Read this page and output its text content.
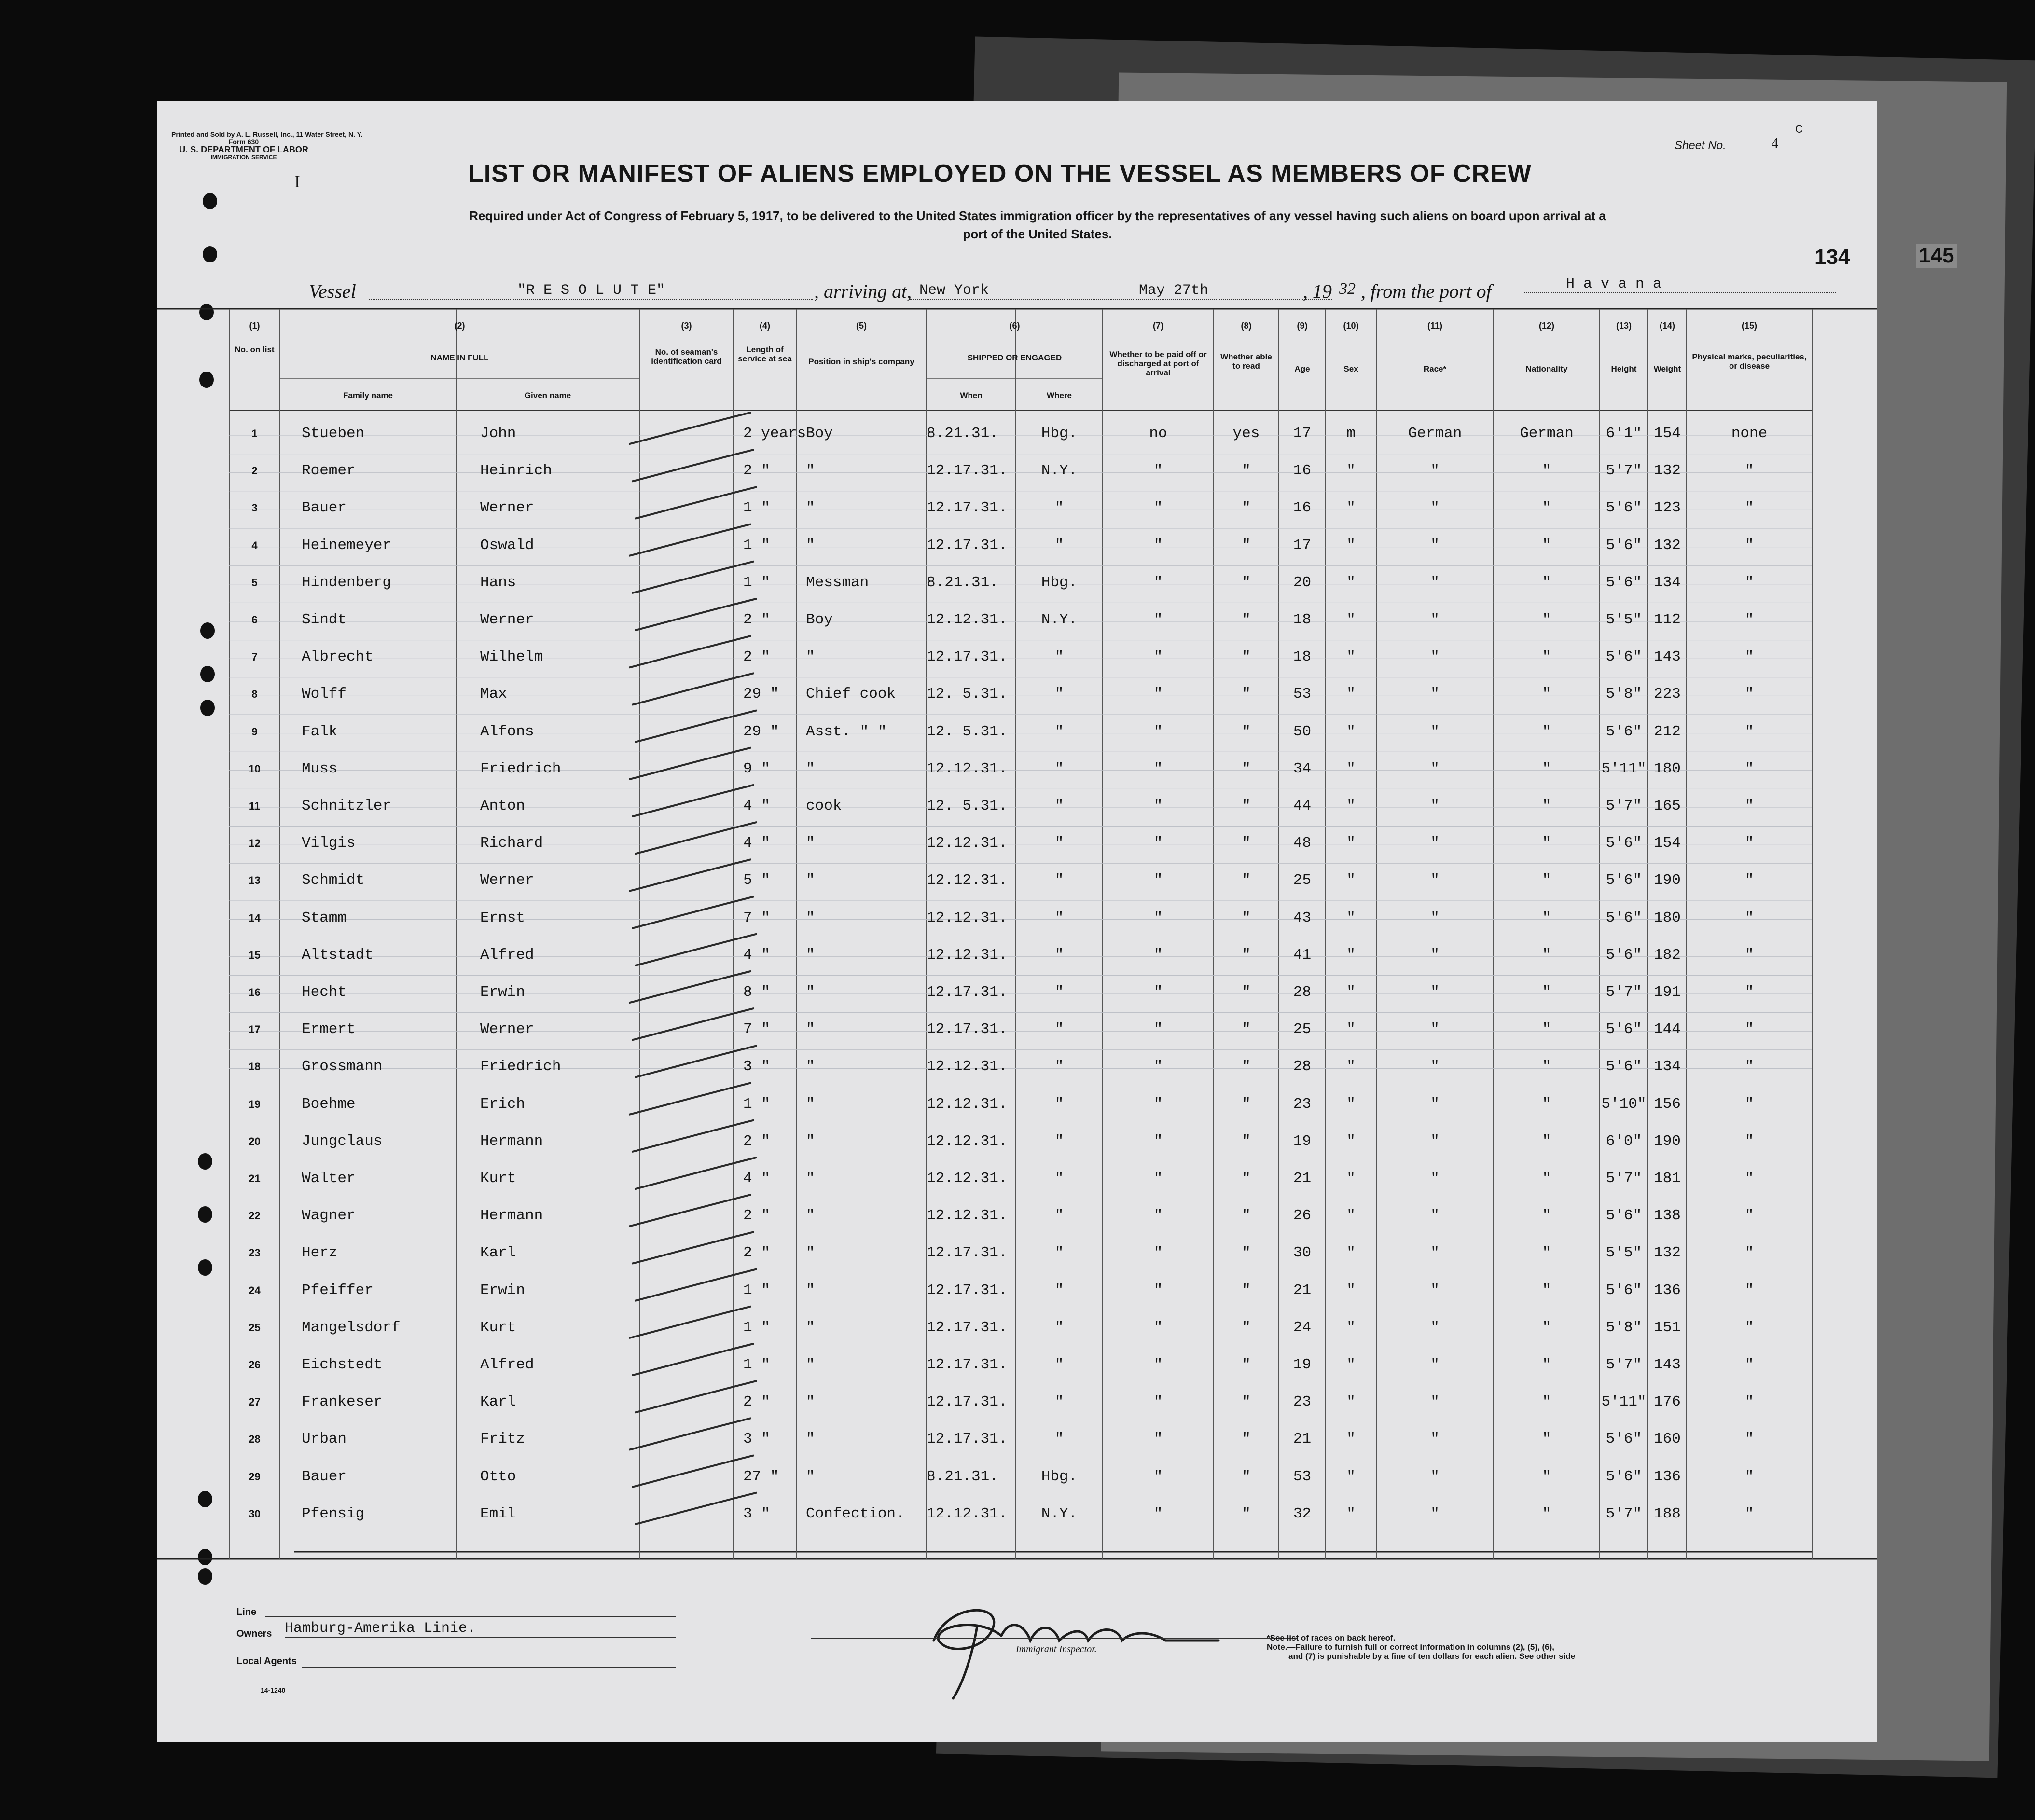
145
Printed and Sold by A. L. Russell, Inc., 11 Water Street, N. Y.
Form 630
U. S. DEPARTMENT OF LABOR
IMMIGRATION SERVICE
I
Sheet No.	4
C
LIST OR MANIFEST OF ALIENS EMPLOYED ON THE VESSEL AS MEMBERS OF CREW
Required under Act of Congress of February 5, 1917, to be delivered to the United States immigration officer by the representatives of any vessel having such aliens on board upon arrival at a
port of the United States.
134
Vessel	"R E S O L U T E"	, arriving at, New York	May 27th	, 19 32 , from the port of	H a v a n a
(1)
No. on list
(2)
NAME IN FULL
Family name	Given name
(3)
No. of seaman's identification card
(4)
Length of service at sea
(5)
Position in ship's company
(6)
SHIPPED OR ENGAGED
When	Where
(7)
Whether to be paid off or discharged at port of arrival
(8)
Whether able to read
(9)
Age
(10)
Sex
(11)
Race*
(12)
Nationality
(13)
Height
(14)
Weight
(15)
Physical marks, peculiarities, or disease
1	Stueben	John	2 years Boy	8.21.31.	Hbg.	no	yes	17	m	German	German	6'1" 154	none
2	Roemer	Heinrich	2 "	"	12.17.31.	N.Y.	"	"	16	"	"	"	5'7" 132	"
3	Bauer	Werner	1 "	"	12.17.31.	"	"	"	16	"	"	"	5'6" 123	"
4	Heinemeyer	Oswald	1 "	"	12.17.31.	"	"	"	17	"	"	"	5'6" 132	"
5	Hindenberg	Hans	1 "	Messman	8.21.31.	Hbg.	"	"	20	"	"	"	5'6" 134	"
6	Sindt	Werner	2 "	Boy	12.12.31.	N.Y.	"	"	18	"	"	"	5'5" 112	"
7	Albrecht	Wilhelm	2 "	"	12.17.31.	"	"	"	18	"	"	"	5'6" 143	"
8	Wolff	Max	29 "	Chief cook	12. 5.31.	"	"	"	53	"	"	"	5'8" 223	"
9	Falk	Alfons	29 "	Asst. " "	12. 5.31.	"	"	"	50	"	"	"	5'6" 212	"
10	Muss	Friedrich	9 "	"	12.12.31.	"	"	"	34	"	"	"	5'11" 180	"
11	Schnitzler	Anton	4 "	cook	12. 5.31.	"	"	"	44	"	"	"	5'7" 165	"
12	Vilgis	Richard	4 "	"	12.12.31.	"	"	"	48	"	"	"	5'6" 154	"
13	Schmidt	Werner	5 "	"	12.12.31.	"	"	"	25	"	"	"	5'6" 190	"
14	Stamm	Ernst	7 "	"	12.12.31.	"	"	"	43	"	"	"	5'6" 180	"
15	Altstadt	Alfred	4 "	"	12.12.31.	"	"	"	41	"	"	"	5'6" 182	"
16	Hecht	Erwin	8 "	"	12.17.31.	"	"	"	28	"	"	"	5'7" 191	"
17	Ermert	Werner	7 "	"	12.17.31.	"	"	"	25	"	"	"	5'6" 144	"
18	Grossmann	Friedrich	3 "	"	12.12.31.	"	"	"	28	"	"	"	5'6" 134	"
19	Boehme	Erich	1 "	"	12.12.31.	"	"	"	23	"	"	"	5'10" 156	"
20	Jungclaus	Hermann	2 "	"	12.12.31.	"	"	"	19	"	"	"	6'0" 190	"
21	Walter	Kurt	4 "	"	12.12.31.	"	"	"	21	"	"	"	5'7" 181	"
22	Wagner	Hermann	2 "	"	12.12.31.	"	"	"	26	"	"	"	5'6" 138	"
23	Herz	Karl	2 "	"	12.17.31.	"	"	"	30	"	"	"	5'5" 132	"
24	Pfeiffer	Erwin	1 "	"	12.17.31.	"	"	"	21	"	"	"	5'6" 136	"
25	Mangelsdorf	Kurt	1 "	"	12.17.31.	"	"	"	24	"	"	"	5'8" 151	"
26	Eichstedt	Alfred	1 "	"	12.17.31.	"	"	"	19	"	"	"	5'7" 143	"
27	Frankeser	Karl	2 "	"	12.17.31.	"	"	"	23	"	"	"	5'11" 176	"
28	Urban	Fritz	3 "	"	12.17.31.	"	"	"	21	"	"	"	5'6" 160	"
29	Bauer	Otto	27 "	"	8.21.31.	Hbg.	"	"	53	"	"	"	5'6" 136	"
30	Pfensig	Emil	3 "	Confection.	12.12.31.	N.Y.	"	"	32	"	"	"	5'7" 188	"
Line
Owners Hamburg-Amerika Linie.
Local Agents
14-1240
Immigrant Inspector.
*See list of races on back hereof.
Note.—Failure to furnish full or correct information in columns (2), (5), (6),
and (7) is punishable by a fine of ten dollars for each alien. See other side
